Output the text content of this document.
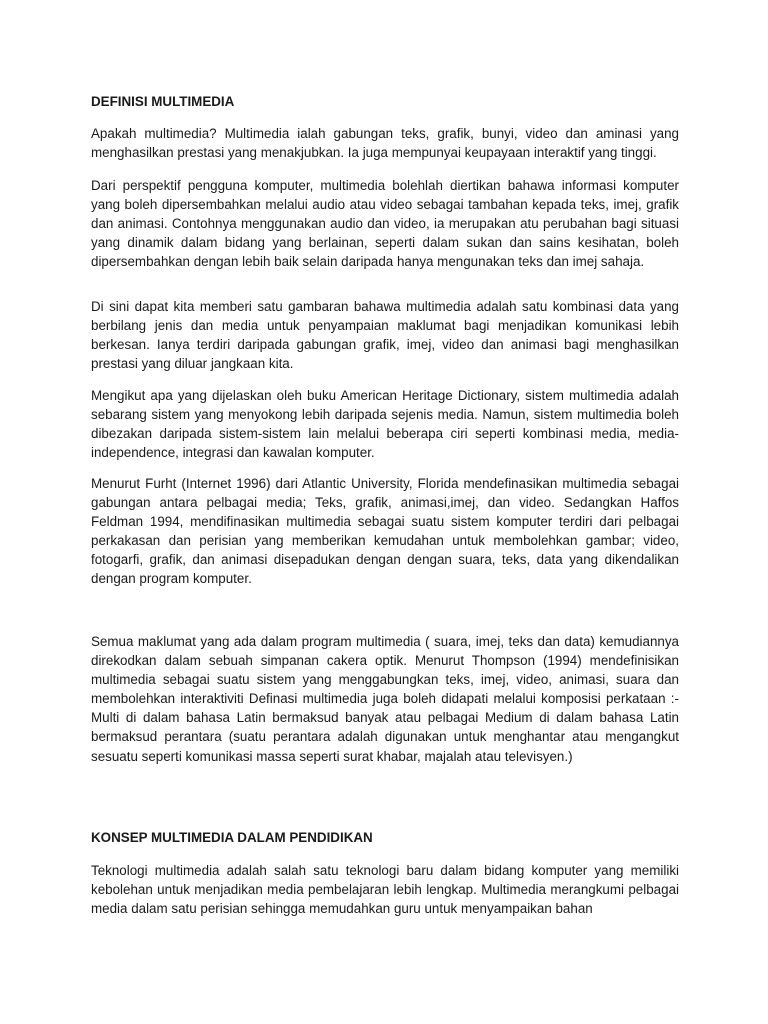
DEFINISI MULTIMEDIA

Apakah multimedia? Multimedia ialah gabungan teks, grafik, bunyi, video dan aminasi yang menghasilkan prestasi yang menakjubkan. Ia juga mempunyai keupayaan interaktif yang tinggi.

Dari perspektif pengguna komputer, multimedia bolehlah diertikan bahawa informasi komputer yang boleh dipersembahkan melalui audio atau video sebagai tambahan kepada teks, imej, grafik dan animasi. Contohnya menggunakan audio dan video, ia merupakan atu perubahan bagi situasi yang dinamik dalam bidang yang berlainan, seperti dalam sukan dan sains kesihatan, boleh dipersembahkan dengan lebih baik selain daripada hanya mengunakan teks dan imej sahaja.

Di sini dapat kita memberi satu gambaran bahawa multimedia adalah satu kombinasi data yang berbilang jenis dan media untuk penyampaian maklumat bagi menjadikan komunikasi lebih berkesan. Ianya terdiri daripada gabungan grafik, imej, video dan animasi bagi menghasilkan prestasi yang diluar jangkaan kita.

Mengikut apa yang dijelaskan oleh buku American Heritage Dictionary, sistem multimedia adalah sebarang sistem yang menyokong lebih daripada sejenis media. Namun, sistem multimedia boleh dibezakan daripada sistem-sistem lain melalui beberapa ciri seperti kombinasi media, media-independence, integrasi dan kawalan komputer.

Menurut Furht (Internet 1996) dari Atlantic University, Florida mendefinasikan multimedia sebagai gabungan antara pelbagai media; Teks, grafik, animasi,imej, dan video. Sedangkan Haffos Feldman 1994, mendifinasikan multimedia sebagai suatu sistem komputer terdiri dari pelbagai perkakasan dan perisian yang memberikan kemudahan untuk membolehkan gambar; video, fotogarfi, grafik, dan animasi disepadukan dengan dengan suara, teks, data yang dikendalikan dengan program komputer.

Semua maklumat yang ada dalam program multimedia ( suara, imej, teks dan data) kemudiannya direkodkan dalam sebuah simpanan cakera optik. Menurut Thompson (1994) mendefinisikan multimedia sebagai suatu sistem yang menggabungkan teks, imej, video, animasi, suara dan membolehkan interaktiviti Definasi multimedia juga boleh didapati melalui komposisi perkataan :- Multi di dalam bahasa Latin bermaksud banyak atau pelbagai Medium di dalam bahasa Latin bermaksud perantara (suatu perantara adalah digunakan untuk menghantar atau mengangkut sesuatu seperti komunikasi massa seperti surat khabar, majalah atau televisyen.)

KONSEP MULTIMEDIA DALAM PENDIDIKAN

Teknologi multimedia adalah salah satu teknologi baru dalam bidang komputer yang memiliki kebolehan untuk menjadikan media pembelajaran lebih lengkap. Multimedia merangkumi pelbagai media dalam satu perisian sehingga memudahkan guru untuk menyampaikan bahan
